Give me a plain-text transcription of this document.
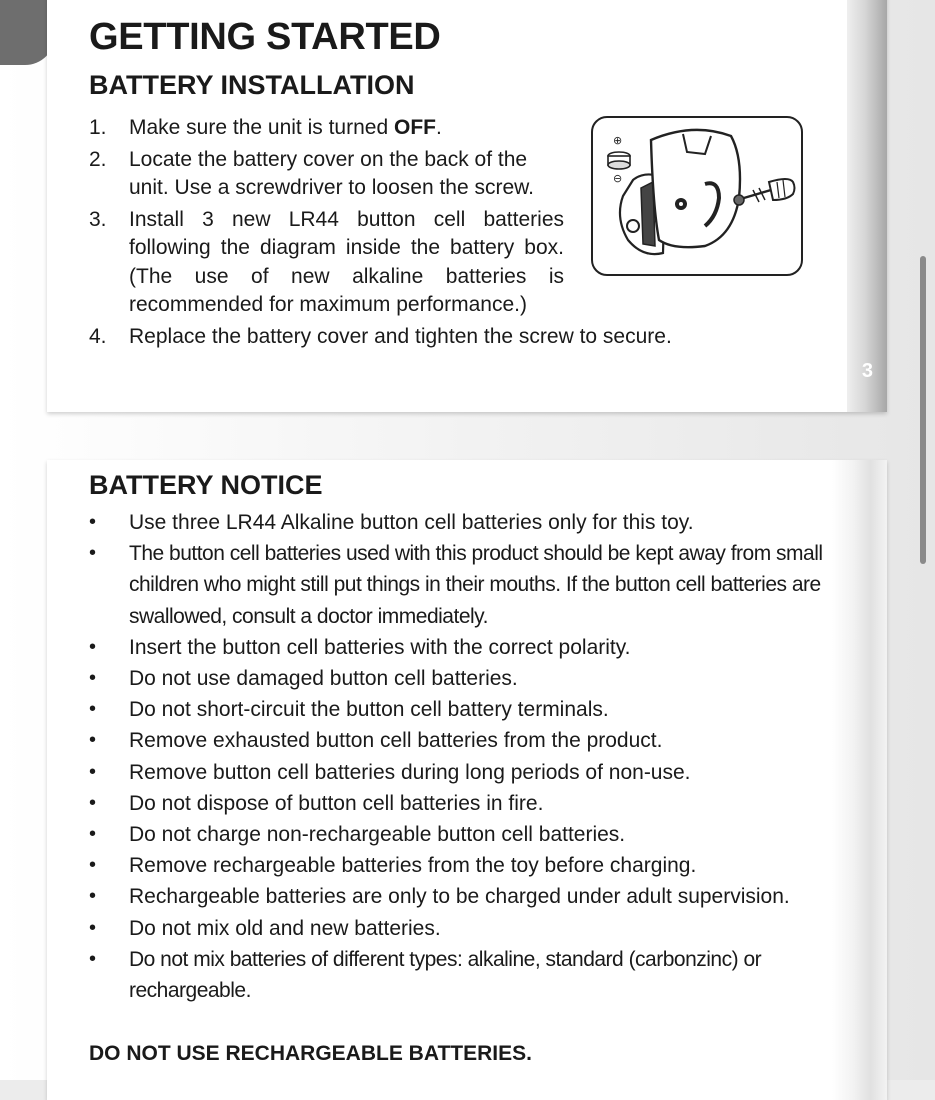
3
GETTING STARTED
BATTERY INSTALLATION
1.	Make sure the unit is turned OFF.
2.	Locate the battery cover on the back of the unit. Use a screwdriver to loosen the screw.
3.	Install 3 new LR44 button cell batteries following the diagram inside the battery box. (The use of new alkaline batteries is recommended for maximum performance.)
4.	Replace the battery cover and tighten the screw to secure.
⊕
⊖
BATTERY NOTICE
•	Use three LR44 Alkaline button cell batteries only for this toy.
•	The button cell batteries used with this product should be kept away from small children who might still put things in their mouths. If the button cell batteries are swallowed, consult a doctor immediately.
•	Insert the button cell batteries with the correct polarity.
•	Do not use damaged button cell batteries.
•	Do not short-circuit the button cell battery terminals.
•	Remove exhausted button cell batteries from the product.
•	Remove button cell batteries during long periods of non-use.
•	Do not dispose of button cell batteries in fire.
•	Do not charge non-rechargeable button cell batteries.
•	Remove rechargeable batteries from the toy before charging.
•	Rechargeable batteries are only to be charged under adult supervision.
•	Do not mix old and new batteries.
•	Do not mix batteries of different types: alkaline, standard (carbonzinc) or rechargeable.

DO NOT USE RECHARGEABLE BATTERIES.
